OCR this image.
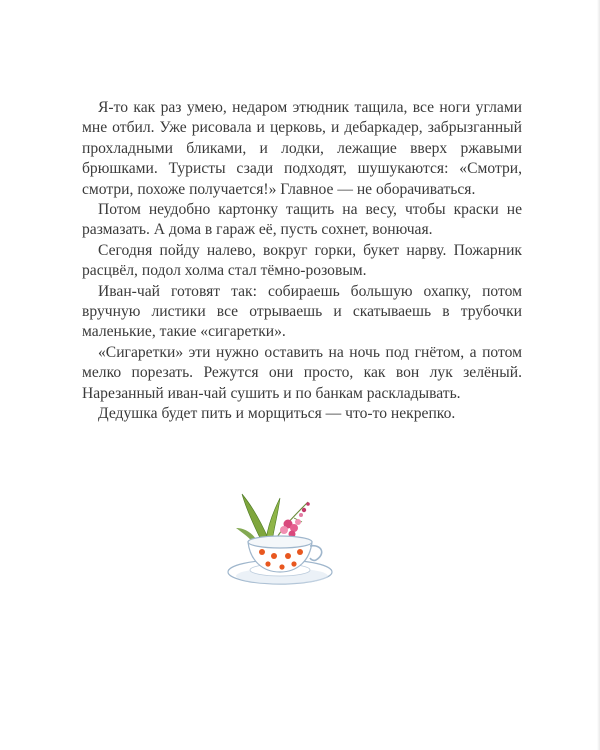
Я-то как раз умею, недаром этюдник тащила, все ноги углами мне отбил. Уже рисовала и церковь, и дебаркадер, забрызганный прохладными бликами, и лодки, лежащие вверх ржавыми брюшками. Туристы сзади подходят, шушукаются: «Смотри, смотри, похоже получается!» Главное — не оборачиваться.

Потом неудобно картонку тащить на весу, чтобы краски не размазать. А дома в гараж её, пусть сохнет, вонючая.

Сегодня пойду налево, вокруг горки, букет нарву. Пожарник расцвёл, подол холма стал тёмно-розовым.

Иван-чай готовят так: собираешь большую охапку, потом вручную листики все отрываешь и скатываешь в трубочки маленькие, такие «сигаретки».

«Сигаретки» эти нужно оставить на ночь под гнётом, а потом мелко порезать. Режутся они просто, как вон лук зелёный. Нарезанный иван-чай сушить и по банкам раскладывать.

Дедушка будет пить и морщиться — что-то некрепко.
